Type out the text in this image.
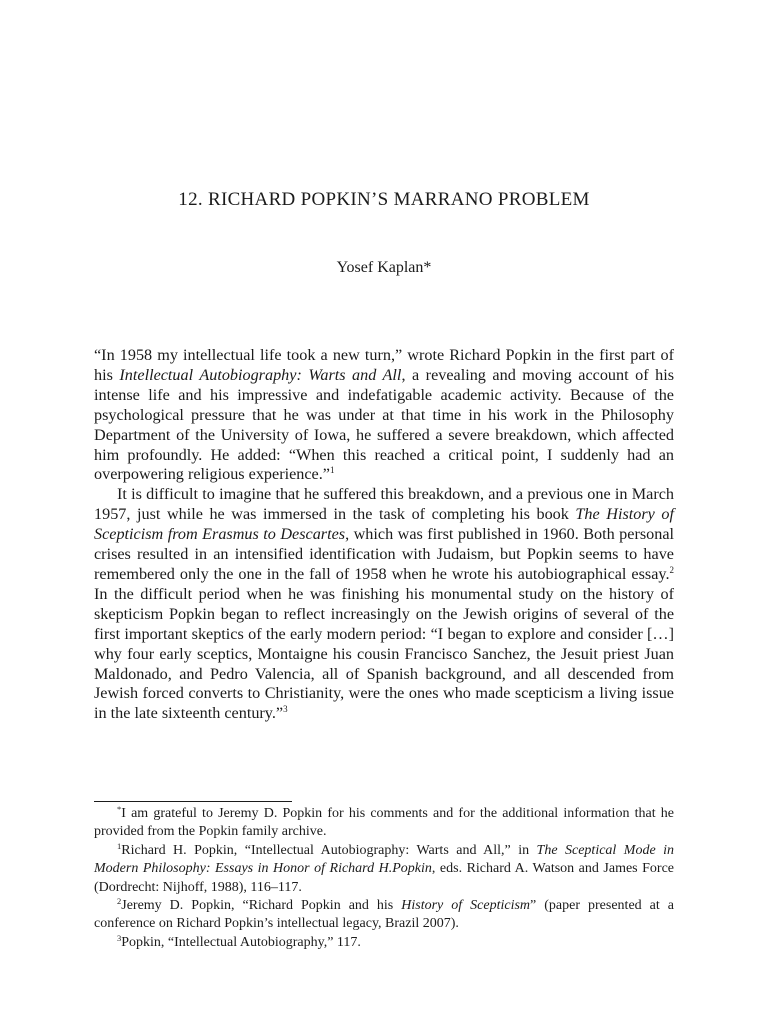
12. RICHARD POPKIN’S MARRANO PROBLEM
Yosef Kaplan*

“In 1958 my intellectual life took a new turn,” wrote Richard Popkin in the first part of his Intellectual Autobiography: Warts and All, a revealing and moving account of his intense life and his impressive and indefatigable academic activity. Because of the psychological pressure that he was under at that time in his work in the Philosophy Department of the University of Iowa, he suffered a severe breakdown, which affected him profoundly. He added: “When this reached a critical point, I suddenly had an overpowering religious experience.”$^1$

It is difficult to imagine that he suffered this breakdown, and a previous one in March 1957, just while he was immersed in the task of completing his book The History of Scepticism from Erasmus to Descartes, which was first published in 1960. Both personal crises resulted in an intensified identification with Judaism, but Popkin seems to have remembered only the one in the fall of 1958 when he wrote his autobiographical essay.$^2$ In the difficult period when he was finishing his monumental study on the history of skepticism Popkin began to reflect increasingly on the Jewish origins of several of the first important skeptics of the early modern period: “I began to explore and consider […] why four early sceptics, Montaigne his cousin Francisco Sanchez, the Jesuit priest Juan Maldonado, and Pedro Valencia, all of Spanish background, and all descended from Jewish forced converts to Christianity, were the ones who made scepticism a living issue in the late sixteenth century.”$^3$

*I am grateful to Jeremy D. Popkin for his comments and for the additional information that he provided from the Popkin family archive.

$^1$Richard H. Popkin, “Intellectual Autobiography: Warts and All,” in The Sceptical Mode in Modern Philosophy: Essays in Honor of Richard H.Popkin, eds. Richard A. Watson and James Force (Dordrecht: Nijhoff, 1988), 116–117.

$^2$Jeremy D. Popkin, “Richard Popkin and his History of Scepticism” (paper presented at a conference on Richard Popkin’s intellectual legacy, Brazil 2007).

$^3$Popkin, “Intellectual Autobiography,” 117.
